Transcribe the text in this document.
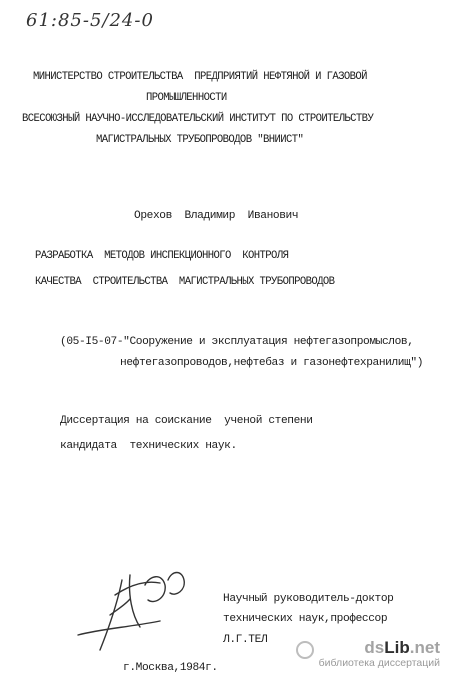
61:85-5/24-0
МИНИСТЕРСТВО СТРОИТЕЛЬСТВА  ПРЕДПРИЯТИЙ НЕФТЯНОЙ И ГАЗОВОЙ
ПРОМЫШЛЕННОСТИ
ВСЕСОЮЗНЫЙ НАУЧНО-ИССЛЕДОВАТЕЛЬСКИЙ ИНСТИТУТ ПО СТРОИТЕЛЬСТВУ
МАГИСТРАЛЬНЫХ ТРУБОПРОВОДОВ "ВНИИСТ"
Орехов  Владимир  Иванович
РАЗРАБОТКА  МЕТОДОВ ИНСПЕКЦИОННОГО  КОНТРОЛЯ
КАЧЕСТВА  СТРОИТЕЛЬСТВА  МАГИСТРАЛЬНЫХ ТРУБОПРОВОДОВ
(05-I5-07-"Сооружение и эксплуатация нефтегазопромыслов,
нефтегазопроводов,нефтебаз и газонефтехранилищ")
Диссертация на соискание  ученой степени
кандидата  технических наук.
Научный руководитель-доктор
технических наук,профессор
Л.Г.ТЕЛ
г.Москва,1984г.
dsLib.net
библиотека диссертаций
